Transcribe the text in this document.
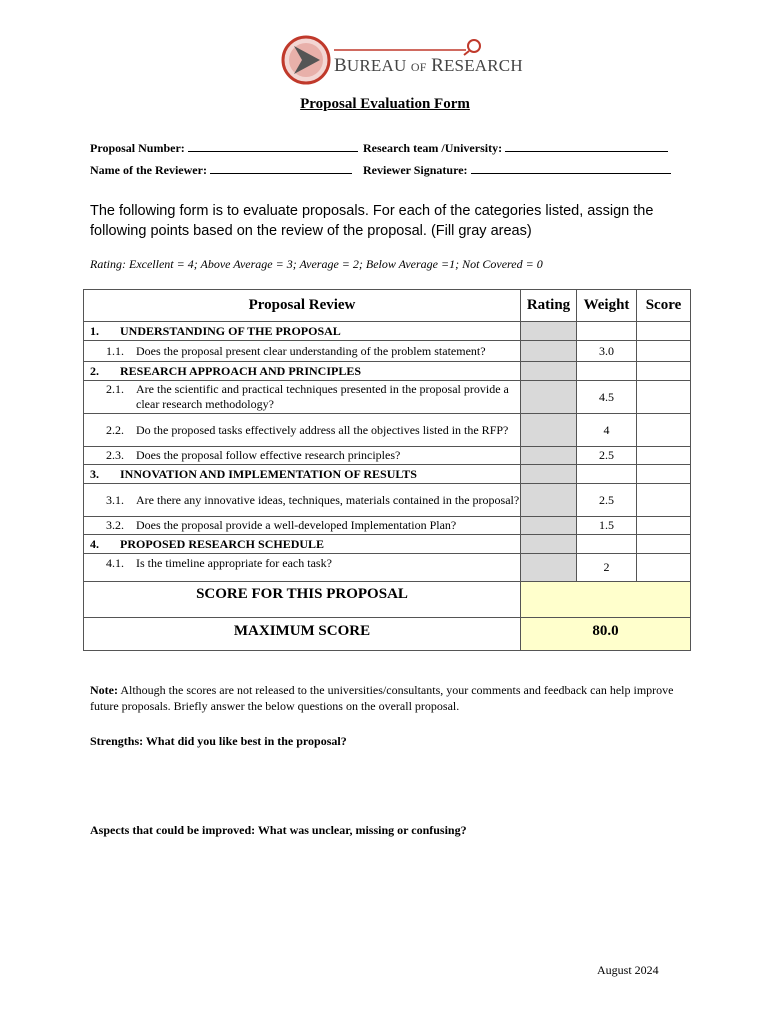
BUREAU OF RESEARCH
Proposal Evaluation Form
Proposal Number:	Research team /University:
Name of the Reviewer:	Reviewer Signature:
The following form is to evaluate proposals. For each of the categories listed, assign the following points based on the review of the proposal. (Fill gray areas)
Rating: Excellent = 4; Above Average = 3; Average = 2; Below Average =1; Not Covered = 0
Proposal Review	Rating	Weight	Score
1. UNDERSTANDING OF THE PROPOSAL			

1.1. Does the proposal present clear understanding of the problem statement?		3.0	
2. RESEARCH APPROACH AND PRINCIPLES			

2.1. Are the scientific and practical techniques presented in the proposal provide a clear research methodology?		4.5	

2.2. Do the proposed tasks effectively address all the objectives listed in the RFP?		4	

2.3. Does the proposal follow effective research principles?		2.5	
3. INNOVATION AND IMPLEMENTATION OF RESULTS			

3.1. Are there any innovative ideas, techniques, materials contained in the proposal?		2.5	

3.2. Does the proposal provide a well-developed Implementation Plan?		1.5	
4. PROPOSED RESEARCH SCHEDULE			

4.1. Is the timeline appropriate for each task?		2	
SCORE FOR THIS PROPOSAL			
MAXIMUM SCORE	80.0		
Note: Although the scores are not released to the universities/consultants, your comments and feedback can help improve future proposals. Briefly answer the below questions on the overall proposal.
Strengths: What did you like best in the proposal?
Aspects that could be improved: What was unclear, missing or confusing?
August 2024
